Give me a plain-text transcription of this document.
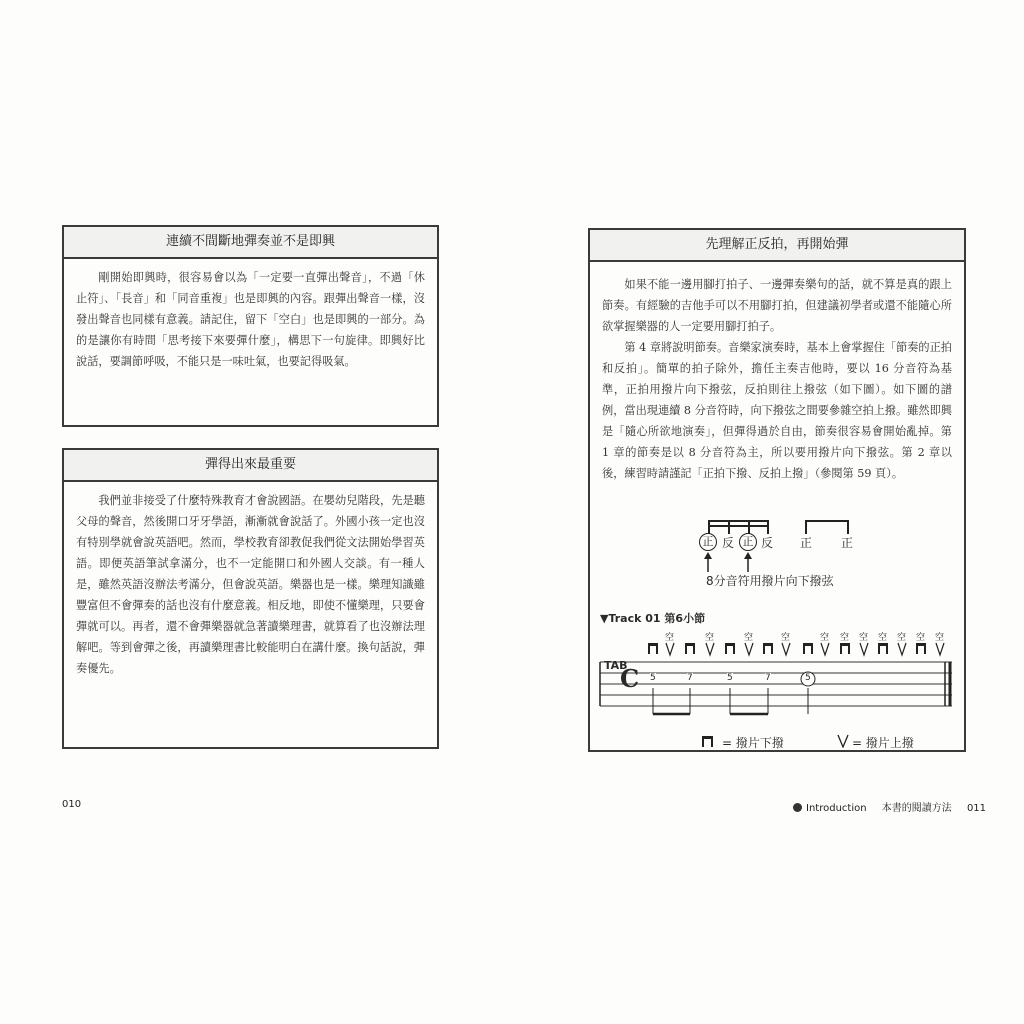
連續不間斷地彈奏並不是即興

剛開始即興時，很容易會以為「一定要一直彈出聲音」，不過「休止符」、「長音」和「同音重複」也是即興的內容。跟彈出聲音一樣，沒發出聲音也同樣有意義。請記住，留下「空白」也是即興的一部分。為的是讓你有時間「思考接下來要彈什麼」，構思下一句旋律。即興好比說話，要調節呼吸，不能只是一味吐氣，也要記得吸氣。

彈得出來最重要

我們並非接受了什麼特殊教育才會說國語。在嬰幼兒階段，先是聽父母的聲音，然後開口牙牙學語，漸漸就會說話了。外國小孩一定也沒有特別學就會說英語吧。然而，學校教育卻教促我們從文法開始學習英語。即便英語筆試拿滿分，也不一定能開口和外國人交談。有一種人是，雖然英語沒辦法考滿分，但會說英語。樂器也是一樣。樂理知識雖豐富但不會彈奏的話也沒有什麼意義。相反地，即使不懂樂理，只要會彈就可以。再者，還不會彈樂器就急著讀樂理書，就算看了也沒辦法理解吧。等到會彈之後，再讀樂理書比較能明白在講什麼。換句話說，彈奏優先。

010
先理解正反拍，再開始彈

如果不能一邊用腳打拍子、一邊彈奏樂句的話，就不算是真的跟上節奏。有經驗的吉他手可以不用腳打拍，但建議初學者或還不能隨心所欲掌握樂器的人一定要用腳打拍子。

第 4 章將說明節奏。音樂家演奏時，基本上會掌握住「節奏的正拍和反拍」。簡單的拍子除外，擔任主奏吉他時，要以 16 分音符為基準，正拍用撥片向下撥弦，反拍則往上撥弦（如下圖）。如下圖的譜例，當出現連續 8 分音符時，向下撥弦之間要參雜空拍上撥。雖然即興是「隨心所欲地演奏」，但彈得過於自由，節奏很容易會開始亂掉。第 1 章的節奏是以 8 分音符為主，所以要用撥片向下撥弦。第 2 章以後，練習時請謹記「正拍下撥、反拍上撥」（參閱第 59 頁）。

正 反 正 反 正 正
8分音符用撥片向下撥弦
▼Track 01 第6小節
空	空	空	空	空 空 空 空 空 空 空
TAB
C 5	7	5	7	5
= 撥片下撥	= 撥片上撥
Introduction 本書的閱讀方法 011
